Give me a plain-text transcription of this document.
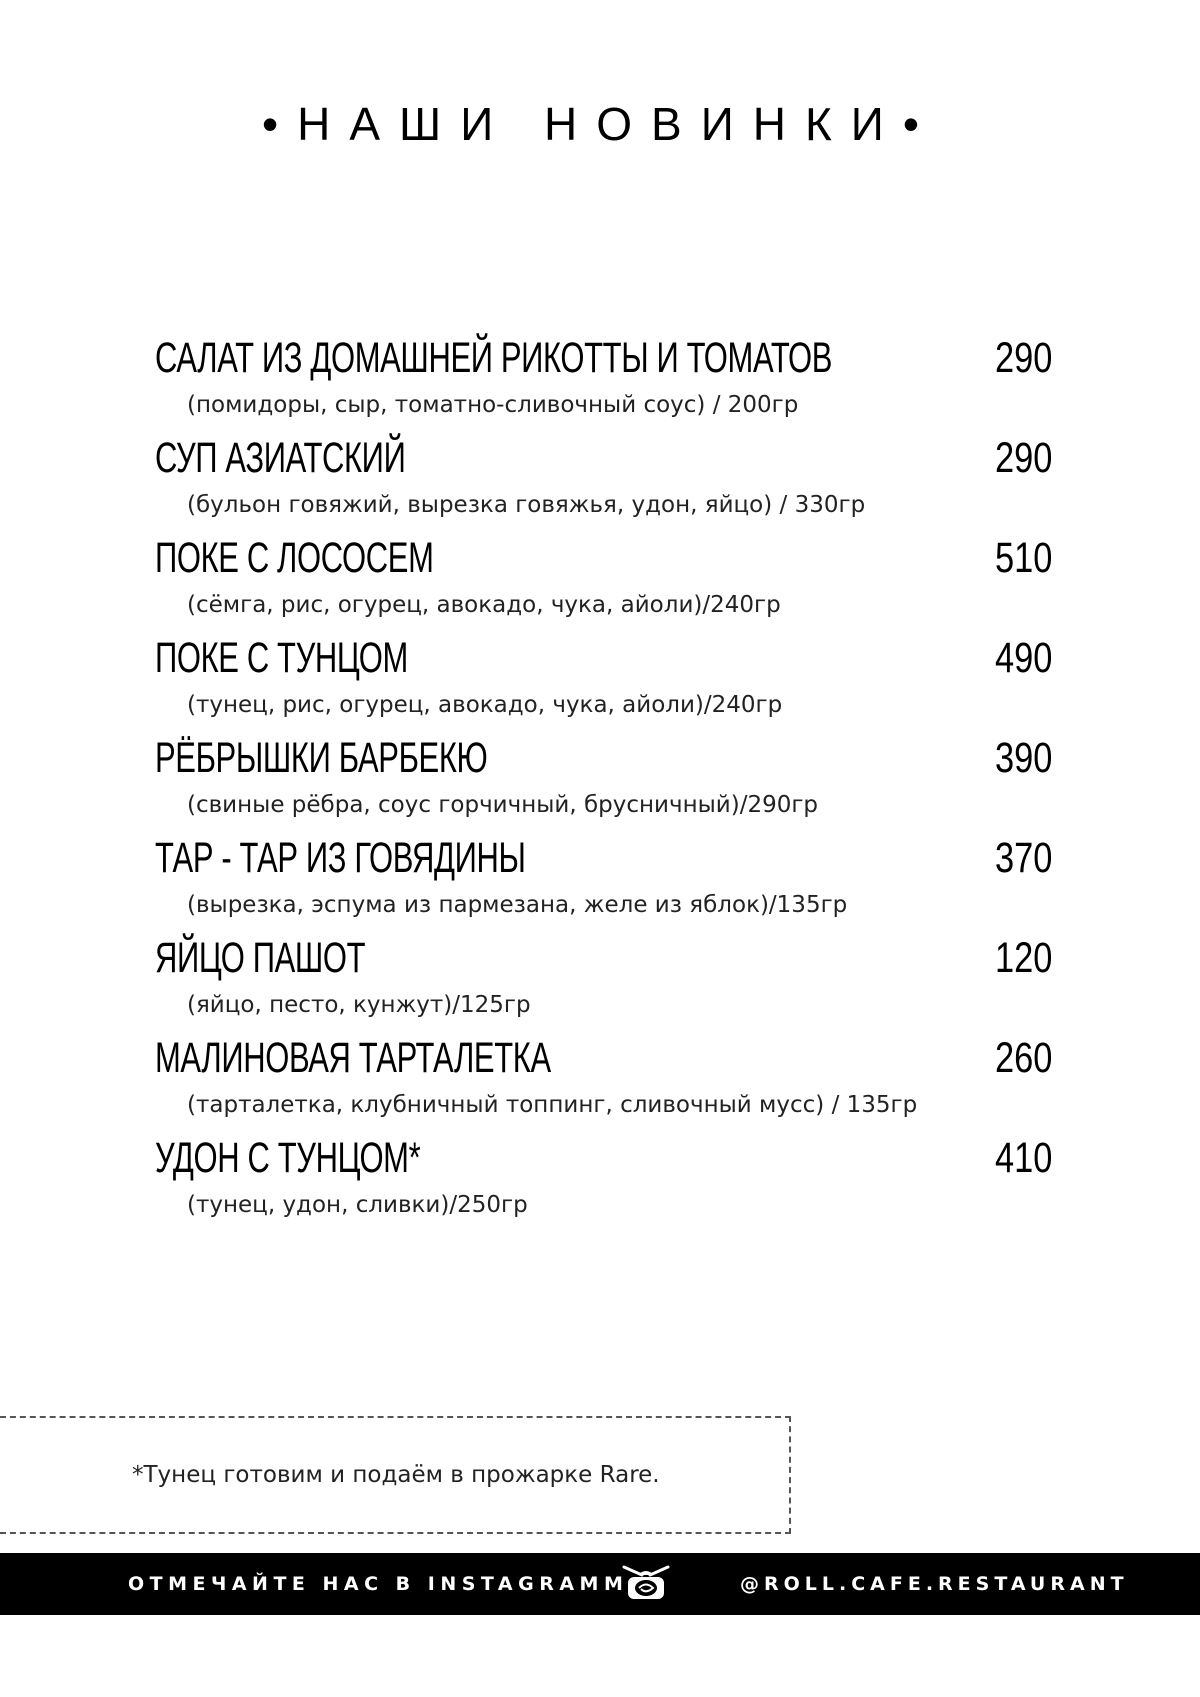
•НАШИ НОВИНКИ•
САЛАТ ИЗ ДОМАШНЕЙ РИКОТТЫ И ТОМАТОВ	290
(помидоры, сыр, томатно-сливочный соус) / 200гр
СУП АЗИАТСКИЙ	290
(бульон говяжий, вырезка говяжья, удон, яйцо) / 330гр
ПОКЕ С ЛОСОСЕМ	510
(сёмга, рис, огурец, авокадо, чука, айоли)/240гр
ПОКЕ С ТУНЦОМ	490
(тунец, рис, огурец, авокадо, чука, айоли)/240гр
РЁБРЫШКИ БАРБЕКЮ	390
(свиные рёбра, соус горчичный, брусничный)/290гр
ТАР - ТАР ИЗ ГОВЯДИНЫ	370
(вырезка, эспума из пармезана, желе из яблок)/135гр
ЯЙЦО ПАШОТ	120
(яйцо, песто, кунжут)/125гр
МАЛИНОВАЯ ТАРТАЛЕТКА	260
(тарталетка, клубничный топпинг, сливочный мусс) / 135гр
УДОН С ТУНЦОМ*	410
(тунец, удон, сливки)/250гр
*Тунец готовим и подаём в прожарке Rare.
ОТМЕЧАЙТЕ НАС В INSTAGRAMM	@ROLL.CAFE.RESTAURANT
